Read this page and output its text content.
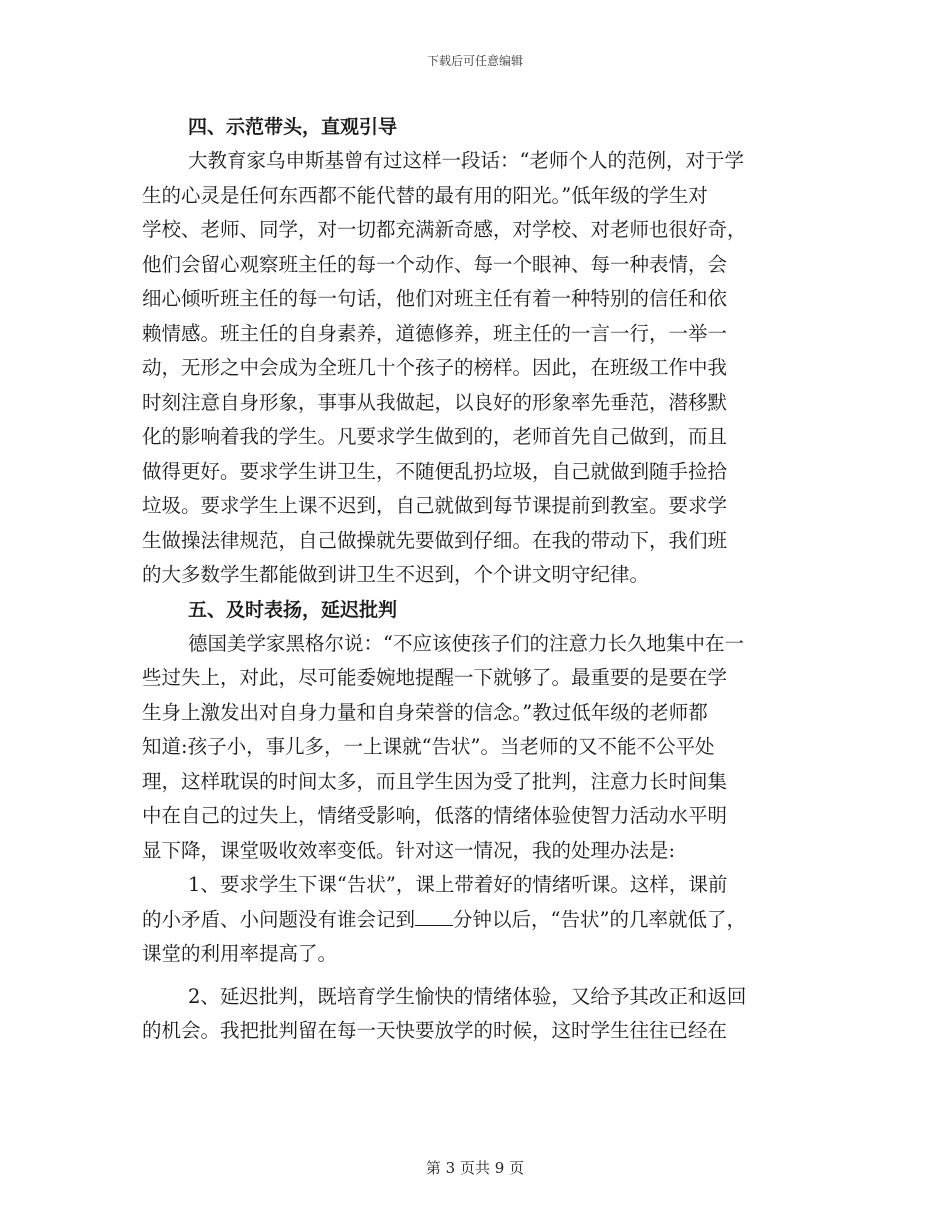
下载后可任意编辑
四、示范带头，直观引导
大教育家乌申斯基曾有过这样一段话：“老师个人的范例，对于学
生的心灵是任何东西都不能代替的最有用的阳光。”低年级的学生对
学校、老师、同学，对一切都充满新奇感，对学校、对老师也很好奇，
他们会留心观察班主任的每一个动作、每一个眼神、每一种表情，会
细心倾听班主任的每一句话，他们对班主任有着一种特别的信任和依
赖情感。班主任的自身素养，道德修养，班主任的一言一行，一举一
动，无形之中会成为全班几十个孩子的榜样。因此，在班级工作中我
时刻注意自身形象，事事从我做起，以良好的形象率先垂范，潜移默
化的影响着我的学生。凡要求学生做到的，老师首先自己做到，而且
做得更好。要求学生讲卫生，不随便乱扔垃圾，自己就做到随手捡拾
垃圾。要求学生上课不迟到，自己就做到每节课提前到教室。要求学
生做操法律规范，自己做操就先要做到仔细。在我的带动下，我们班
的大多数学生都能做到讲卫生不迟到，个个讲文明守纪律。
五、及时表扬，延迟批判
德国美学家黑格尔说：“不应该使孩子们的注意力长久地集中在一
些过失上，对此，尽可能委婉地提醒一下就够了。最重要的是要在学
生身上激发出对自身力量和自身荣誉的信念。”教过低年级的老师都
知道:孩子小，事儿多，一上课就“告状”。当老师的又不能不公平处
理，这样耽误的时间太多，而且学生因为受了批判，注意力长时间集
中在自己的过失上，情绪受影响，低落的情绪体验使智力活动水平明
显下降，课堂吸收效率变低。针对这一情况，我的处理办法是:
1、要求学生下课“告状”，课上带着好的情绪听课。这样，课前
的小矛盾、小问题没有谁会记到 分钟以后，“告状”的几率就低了，
课堂的利用率提高了。
2、延迟批判，既培育学生愉快的情绪体验，又给予其改正和返回
的机会。我把批判留在每一天快要放学的时候，这时学生往往已经在
第 3 页共 9 页
